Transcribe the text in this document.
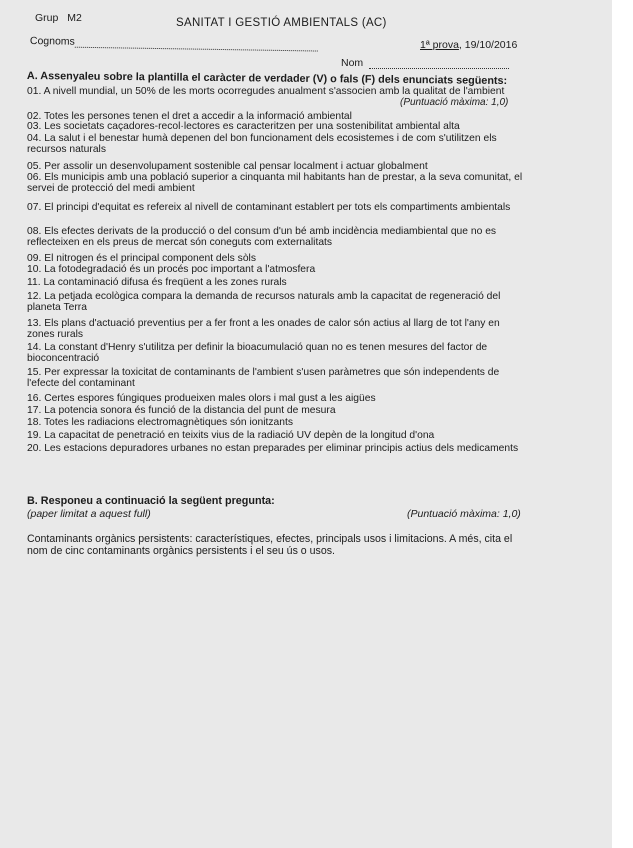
Grup M2	SANITAT I GESTIÓ AMBIENTALS (AC)
Cognoms	1ª prova, 19/10/2016
Nom
A. Assenyaleu sobre la plantilla el caràcter de verdader (V) o fals (F) dels enunciats següents:
(Puntuació màxima: 1,0)
01. A nivell mundial, un 50% de les morts ocorregudes anualment s'associen amb la qualitat de l'ambient
02. Totes les persones tenen el dret a accedir a la informació ambiental
03. Les societats caçadores-recol·lectores es caracteritzen per una sostenibilitat ambiental alta
04. La salut i el benestar humà depenen del bon funcionament dels ecosistemes i de com s'utilitzen els recursos naturals
05. Per assolir un desenvolupament sostenible cal pensar localment i actuar globalment
06. Els municipis amb una població superior a cinquanta mil habitants han de prestar, a la seva comunitat, el servei de protecció del medi ambient
07. El principi d'equitat es refereix al nivell de contaminant establert per tots els compartiments ambientals
08. Els efectes derivats de la producció o del consum d'un bé amb incidència mediambiental que no es reflecteixen en els preus de mercat són coneguts com externalitats
09. El nitrogen és el principal component dels sòls
10. La fotodegradació és un procés poc important a l'atmosfera
11. La contaminació difusa és freqüent a les zones rurals
12. La petjada ecològica compara la demanda de recursos naturals amb la capacitat de regeneració del planeta Terra
13. Els plans d'actuació preventius per a fer front a les onades de calor són actius al llarg de tot l'any en zones rurals
14. La constant d'Henry s'utilitza per definir la bioacumulació quan no es tenen mesures del factor de bioconcentració
15. Per expressar la toxicitat de contaminants de l'ambient s'usen paràmetres que són independents de l'efecte del contaminant
16. Certes espores fúngiques produeixen males olors i mal gust a les aigües
17. La potencia sonora és funció de la distancia del punt de mesura
18. Totes les radiacions electromagnètiques són ionitzants
19. La capacitat de penetració en teixits vius de la radiació UV depèn de la longitud d'ona
20. Les estacions depuradores urbanes no estan preparades per eliminar principis actius dels medicaments
B. Responeu a continuació la següent pregunta:
(paper limitat a aquest full)	(Puntuació màxima: 1,0)
Contaminants orgànics persistents: característiques, efectes, principals usos i limitacions. A més, cita el nom de cinc contaminants orgànics persistents i el seu ús o usos.
